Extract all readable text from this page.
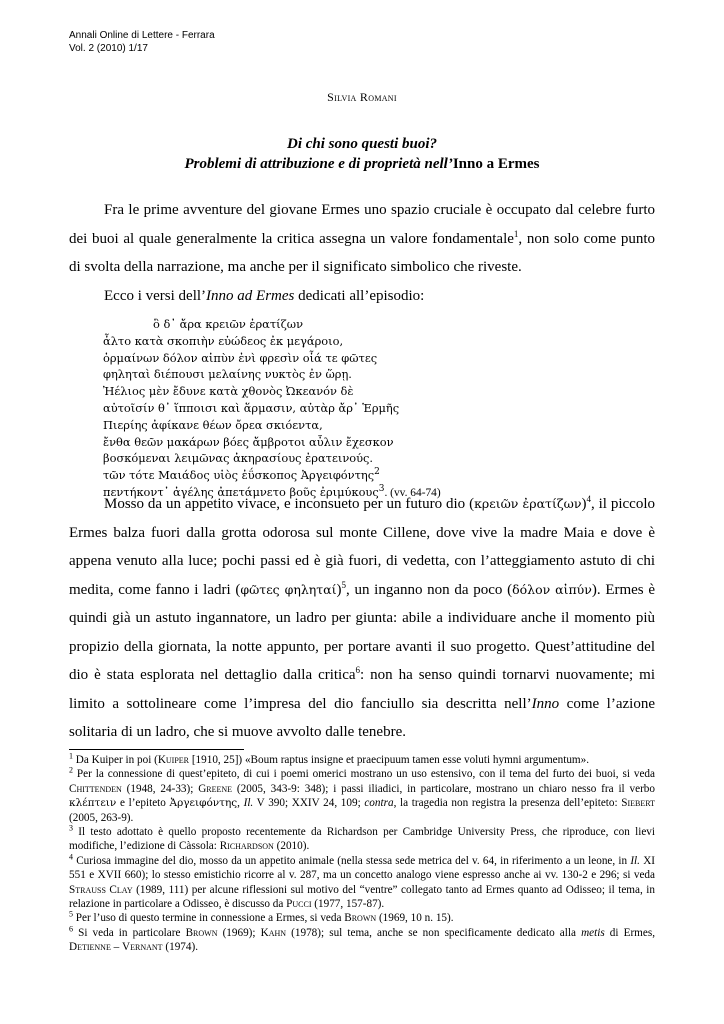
Annali Online di Lettere - Ferrara
Vol. 2 (2010) 1/17
Silvia Romani
Di chi sono questi buoi?
Problemi di attribuzione e di proprietà nell’Inno a Ermes
Fra le prime avventure del giovane Ermes uno spazio cruciale è occupato dal celebre furto dei buoi al quale generalmente la critica assegna un valore fondamentale$^1$, non solo come punto di svolta della narrazione, ma anche per il significato simbolico che riveste.

Ecco i versi dell’Inno ad Ermes dedicati all’episodio:

ὃ δ᾽ ἄρα κρειῶν ἐρατίζων
ἆλτο κατὰ σκοπιὴν εὐώδεος ἐκ μεγάροιο,
ὁρμαίνων δόλον αἰπὺν ἐνὶ φρεσὶν οἷά τε φῶτες
φηληταὶ διέπουσι μελαίνης νυκτὸς ἐν ὥρῃ.
Ἠέλιος μὲν ἔδυνε κατὰ χθονὸς Ὠκεανόν δὲ
αὐτοῖσίν θ᾽ ἵπποισι καὶ ἅρμασιν, αὐτὰρ ἄρ᾽ Ἑρμῆς
Πιερίης ἀφίκανε θέων ὄρεα σκιόεντα,
ἔνθα θεῶν μακάρων βόες ἄμβροτοι αὖλιν ἔχεσκον
βοσκόμεναι λειμῶνας ἀκηρασίους ἐρατεινούς.
τῶν τότε Μαιάδος υἱὸς ἐΰσκοπος Ἀργειφόντης$^2$
πεντήκοντ᾽ ἀγέλης ἀπετάμνετο βοῦς ἐριμύκους$^3$. (vv. 64-74)

Mosso da un appetito vivace, e inconsueto per un futuro dio (κρειῶν ἐρατίζων)$^4$, il piccolo Ermes balza fuori dalla grotta odorosa sul monte Cillene, dove vive la madre Maia e dove è appena venuto alla luce; pochi passi ed è già fuori, di vedetta, con l’atteggiamento astuto di chi medita, come fanno i ladri (φῶτες φηληταί)$^5$, un inganno non da poco (δόλον αἰπύν). Ermes è quindi già un astuto ingannatore, un ladro per giunta: abile a individuare anche il momento più propizio della giornata, la notte appunto, per portare avanti il suo progetto. Quest’attitudine del dio è stata esplorata nel dettaglio dalla critica$^6$: non ha senso quindi tornarvi nuovamente; mi limito a sottolineare come l’impresa del dio fanciullo sia descritta nell’Inno come l’azione solitaria di un ladro, che si muove avvolto dalle tenebre.

$^1$ Da Kuiper in poi (Kuiper [1910, 25]) «Boum raptus insigne et praecipuum tamen esse voluti hymni argumentum».

$^2$ Per la connessione di quest’epiteto, di cui i poemi omerici mostrano un uso estensivo, con il tema del furto dei buoi, si veda Chittenden (1948, 24-33); Greene (2005, 343-9: 348); i passi iliadici, in particolare, mostrano un chiaro nesso fra il verbo κλέπτειν e l’epiteto Ἀργειφόντης, Il. V 390; XXIV 24, 109; contra, la tragedia non registra la presenza dell’epiteto: Siebert (2005, 263-9).

$^3$ Il testo adottato è quello proposto recentemente da Richardson per Cambridge University Press, che riproduce, con lievi modifiche, l’edizione di Càssola: Richardson (2010).

$^4$ Curiosa immagine del dio, mosso da un appetito animale (nella stessa sede metrica del v. 64, in riferimento a un leone, in Il. XI 551 e XVII 660); lo stesso emistichio ricorre al v. 287, ma un concetto analogo viene espresso anche ai vv. 130-2 e 296; si veda Strauss Clay (1989, 111) per alcune riflessioni sul motivo del “ventre” collegato tanto ad Ermes quanto ad Odisseo; il tema, in relazione in particolare a Odisseo, è discusso da Pucci (1977, 157-87).

$^5$ Per l’uso di questo termine in connessione a Ermes, si veda Brown (1969, 10 n. 15).

$^6$ Si veda in particolare Brown (1969); Kahn (1978); sul tema, anche se non specificamente dedicato alla metis di Ermes, Detienne – Vernant (1974).
